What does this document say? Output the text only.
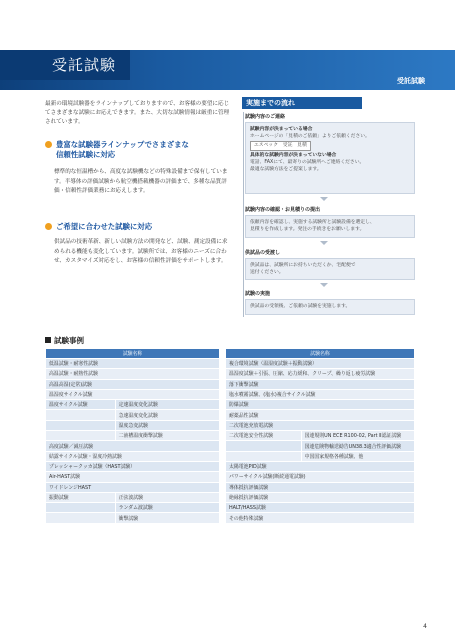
受託試験
受託試験
最新の環境試験器をラインナップしておりますので、お客様の要望に応じてさまざまな試験にお応えできます。また、大切な試験情報は厳重に管理されています。
豊富な試験器ラインナップでさまざまな
信頼性試験に対応
標準的な恒温槽から、高度な試験機などの特殊設備まで保有しています。半導体の評価試験から航空機搭載機器の評価まで、多種な品質評価・信頼性評価業務にお応えします。
ご希望に合わせた試験に対応
供試品の技術革新、新しい試験方法の開発など、試験、測定設備に求められる機能も変化しています。試験所では、お客様のニーズに合わせ、カスタマイズ対応をし、お客様の信頼性評価をサポートします。
実施までの流れ
試験内容のご連絡
試験内容が決まっている場合
ホームページの「見積のご依頼」よりご依頼ください。
エスペック　受託　見積
具体的な試験内容が決まっていない場合
電話、FAXにて、最寄りの試験所へご連絡ください。
最適な試験方法をご提案します。
試験内容の確認・お見積りの提出
依頼内容を確認し、実施する試験所と試験設備を選定し、
見積りを作成します。発注の手続きをお願いします。
供試品の受渡し
供試品は、試験所にお持ちいただくか、宅配便で
送付ください。
試験の実施
供試品の受領後、ご依頼の試験を実施します。
試験事例
試験名称	
低温試験・耐寒性試験	
高温試験・耐熱性試験	
高温高湿(定常)試験	
温湿度サイクル試験	
温度サイクル試験	定速温度変化試験
	急速温度変化試験
	温度急変試験
	二液槽温度衝撃試験
高度試験／減圧試験	
結露サイクル試験・湿度冷熱試験	
プレッシャークッカ試験（HAST試験）	
Air-HAST試験	
ワイドレンジHAST	
振動試験	正弦波試験
	ランダム波試験
	衝撃試験
試験名称	
複合環境試験（温湿度試験＋振動試験）	
温湿度試験＋引張、圧縮、応力緩和、クリープ、繰り返し疲労試験	
落下衝撃試験	
塩水噴霧試験、(塩水)複合サイクル試験	
防爆試験	
耐薬品性試験	
二次電池充放電試験	
二次電池安全性試験	国連規則UN ECE R100-02, Part Ⅱ認証試験
	国連危険物輸送勧告UN38.3適合性評価試験
	中国国家規格各種試験、他
太陽電池PID試験	
パワーサイクル試験(断続通電試験)	
導体抵抗評価試験	
絶縁抵抗評価試験	
HALT/HASS試験	
その他特殊試験	
4
